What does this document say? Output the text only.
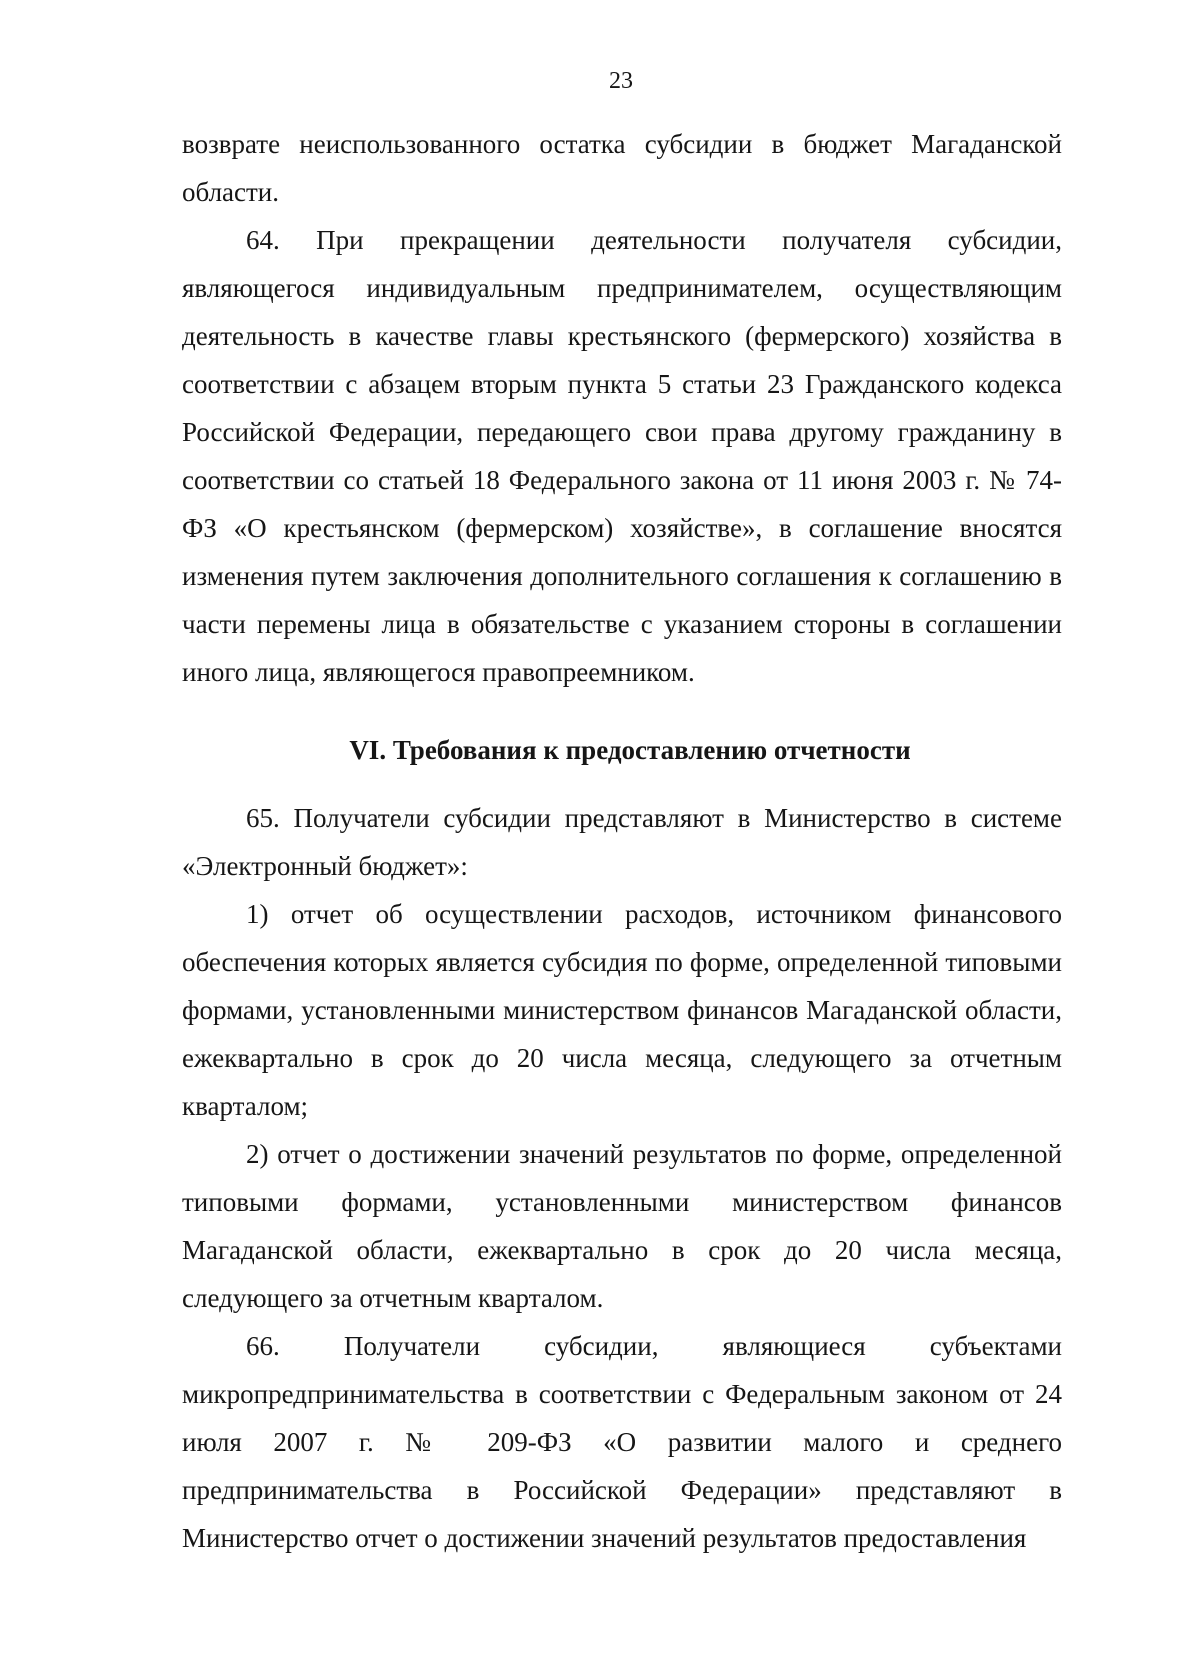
23

возврате неиспользованного остатка субсидии в бюджет Магаданской области.

64. При прекращении деятельности получателя субсидии, являющегося индивидуальным предпринимателем, осуществляющим деятельность в качестве главы крестьянского (фермерского) хозяйства в соответствии с абзацем вторым пункта 5 статьи 23 Гражданского кодекса Российской Федерации, передающего свои права другому гражданину в соответствии со статьей 18 Федерального закона от 11 июня 2003 г. № 74-ФЗ «О крестьянском (фермерском) хозяйстве», в соглашение вносятся изменения путем заключения дополнительного соглашения к соглашению в части перемены лица в обязательстве с указанием стороны в соглашении иного лица, являющегося правопреемником.

VI. Требования к предоставлению отчетности

65. Получатели субсидии представляют в Министерство в системе «Электронный бюджет»:

1) отчет об осуществлении расходов, источником финансового обеспечения которых является субсидия по форме, определенной типовыми формами, установленными министерством финансов Магаданской области, ежеквартально в срок до 20 числа месяца, следующего за отчетным кварталом;

2) отчет о достижении значений результатов по форме, определенной типовыми формами, установленными министерством финансов Магаданской области, ежеквартально в срок до 20 числа месяца, следующего за отчетным кварталом.

66. Получатели субсидии, являющиеся субъектами микропредпринимательства в соответствии с Федеральным законом от 24 июля 2007 г. № 209-ФЗ «О развитии малого и среднего предпринимательства в Российской Федерации» представляют в Министерство отчет о достижении значений результатов предоставления
